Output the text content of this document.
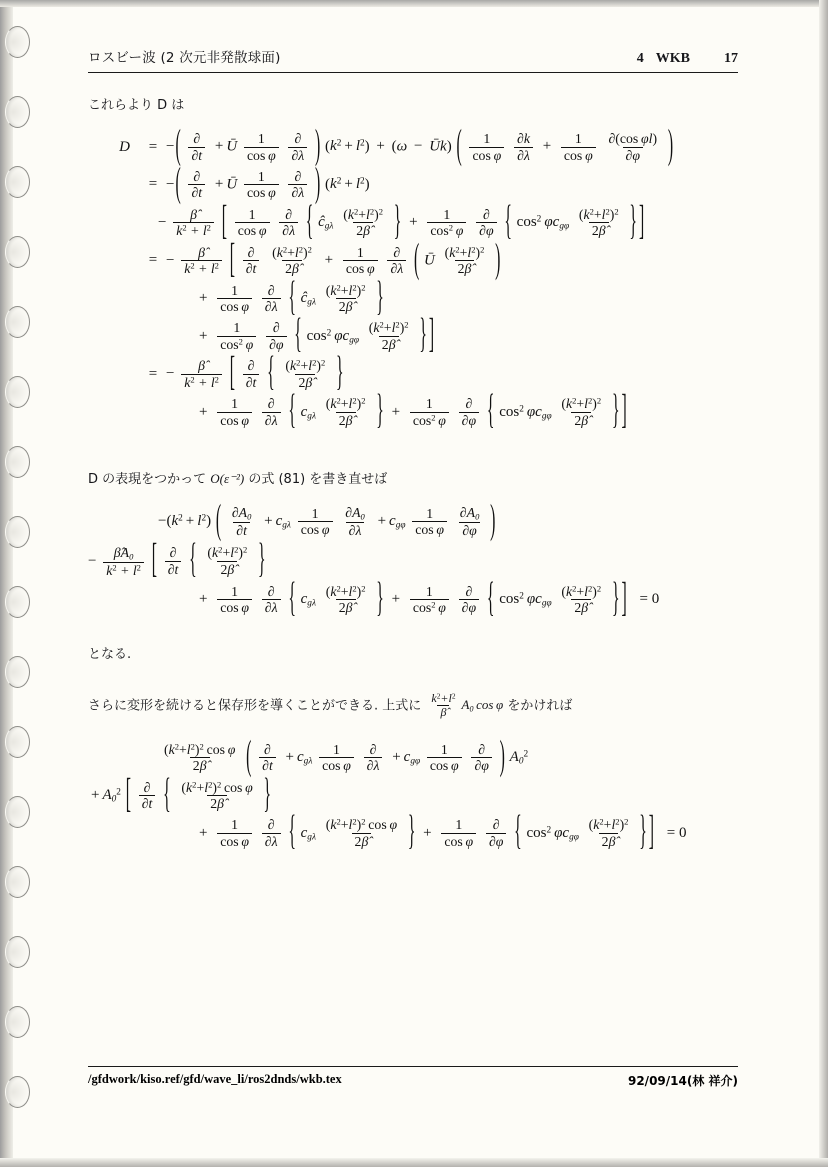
ロスビー波 (2 次元非発散球面)	4 WKB 17
これらより D は
D	= −( $\frac{\partial}{\partial t}$ + Ū $\frac{1}{\text{cos φ}}$
$\frac{\partial}{\partial\lambda}$ ) $(k^2 + l^2) + (\omega$ − Ūk) ( $\frac{1}{\text{cos φ}}$
$\frac{\partial k}{\partial\lambda} + \frac{1}{\text{cos φ}}$
$\frac{\text{∂(cos φl)}}{\partial\varphi}$ )
= −( $\frac{\partial}{\partial t}$ + Ū $\frac{1}{\text{cos φ}}$
$\frac{\partial}{\partial\lambda}$ ) $(k^2 + l^2)$
− $\frac{\betâ}{k^2 + l^2}$ [ $\frac{1}{\text{cos φ}}$
$\frac{\partial}{\partial\lambda}$ { $ĉ_{g\lambda} \frac{(k^2+l^2)^2}{2\betâ}$ } + $\frac{1}{\cos^2 \varphi}$
$\frac{\partial}{\partial\varphi}$ { $\cos^2 \varphi c_{g\varphi} \frac{(k^2+l^2)^2}{2\betâ}$ } ]
= − $\frac{\betâ}{k^2 + l^2}$ [ $\frac{\partial}{\partial t}$
$\frac{(k^2+l^2)^2}{2\betâ} + \frac{1}{\text{cos φ}}$
$\frac{\partial}{\partial\lambda}$ ( Ū $\frac{(k^2+l^2)^2}{2\betâ}$ )
+ $\frac{1}{\text{cos φ}}$
$\frac{\partial}{\partial\lambda}$ { $ĉ_{g\lambda} \frac{(k^2+l^2)^2}{2\betâ}$ }
+ $\frac{1}{\cos^2 \varphi}$
$\frac{\partial}{\partial\varphi}$ { $\cos^2 \varphi c_{g\varphi} \frac{(k^2+l^2)^2}{2\betâ}$ } ]
= − $\frac{\betâ}{k^2 + l^2}$ [ $\frac{\partial}{\partial t}$ { $\frac{(k^2+l^2)^2}{2\betâ}$ }
+ $\frac{1}{\text{cos φ}}$
$\frac{\partial}{\partial\lambda}$ { $c_{g\lambda} \frac{(k^2+l^2)^2}{2\betâ}$ } + $\frac{1}{\cos^2 \varphi}$
$\frac{\partial}{\partial\varphi}$ { $\cos^2 \varphi c_{g\varphi} \frac{(k^2+l^2)^2}{2\betâ}$ } ]
D の表現をつかって O(ε⁻²) の式 (81) を書き直せば
$-(k^2 + l^2)$ ( $\frac{\partial A_0}{\partial t} + c_{g\lambda} \frac{1}{\text{cos φ}}$
$\frac{\partial A_0}{\partial\lambda} + c_{g\varphi} \frac{1}{\text{cos φ}}$
$\frac{\partial A_0}{\partial\varphi}$ )
− $\frac{\betâA_0}{k^2 + l^2}$ [ $\frac{\partial}{\partial t}$ { $\frac{(k^2+l^2)^2}{2\betâ}$ }
+ $\frac{1}{\text{cos φ}}$
$\frac{\partial}{\partial\lambda}$ { $c_{g\lambda} \frac{(k^2+l^2)^2}{2\betâ}$ } + $\frac{1}{\cos^2 \varphi}$
$\frac{\partial}{\partial\varphi}$ { $\cos^2 \varphi c_{g\varphi} \frac{(k^2+l^2)^2}{2\betâ}$ } ] = 0
となる.
さらに変形を続けると保存形を導くことができる. 上式に $\frac{k^2+l^2}{\betâ} A_0$ cos φ をかければ
$\frac{(k^2+l^2)^2 \cos \varphi}{2\betâ}$ ( $\frac{\partial}{\partial t} + c_{g\lambda} \frac{1}{\text{cos φ}}$
$\frac{\partial}{\partial\lambda} + c_{g\varphi} \frac{1}{\text{cos φ}}$
$\frac{\partial}{\partial\varphi}$ ) $A_0^2$
+ $A_0^2$ [ $\frac{\partial}{\partial t}$ { $\frac{(k^2+l^2)^2 \cos \varphi}{2\betâ}$ }
+ $\frac{1}{\text{cos φ}}$
$\frac{\partial}{\partial\lambda}$ { $c_{g\lambda} \frac{(k^2+l^2)^2 \cos \varphi}{2\betâ}$ } + $\frac{1}{\text{cos φ}}$
$\frac{\partial}{\partial\varphi}$ { $\cos^2 \varphi c_{g\varphi} \frac{(k^2+l^2)^2}{2\betâ}$ } ] = 0
/gfdwork/kiso.ref/gfd/wave_li/ros2dnds/wkb.tex	92/09/14(林 祥介)
